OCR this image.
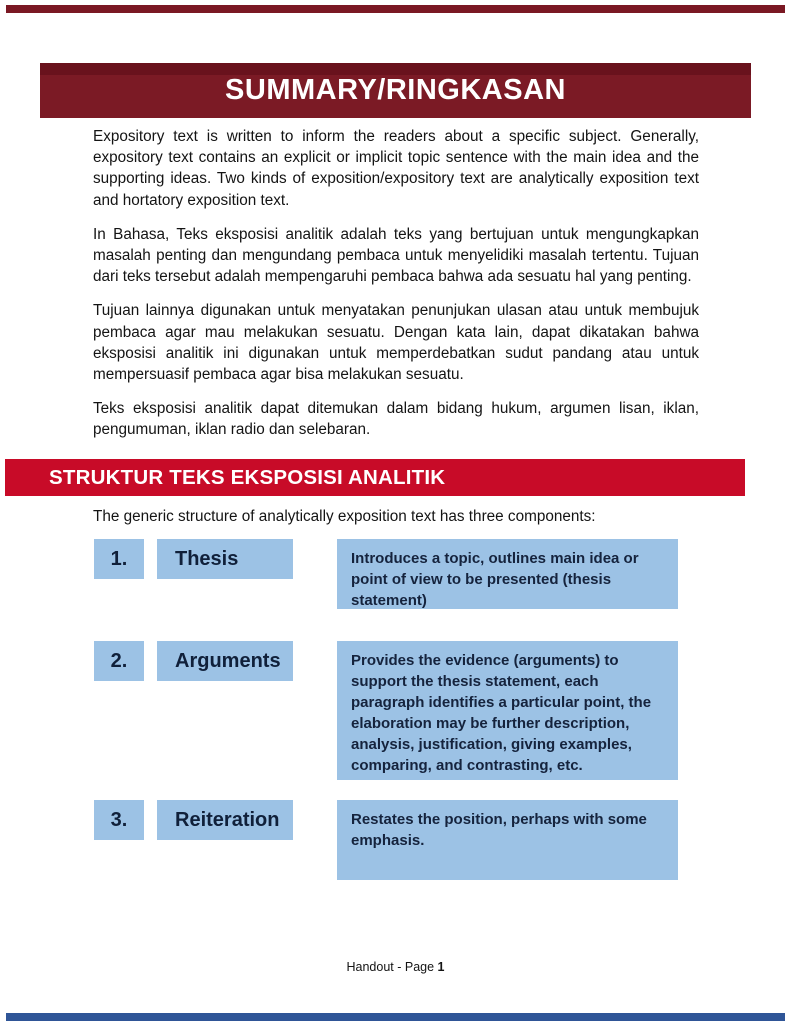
SUMMARY/RINGKASAN

Expository text is written to inform the readers about a specific subject. Generally, expository text contains an explicit or implicit topic sentence with the main idea and the supporting ideas. Two kinds of exposition/expository text are analytically exposition text and hortatory exposition text.

In Bahasa, Teks eksposisi analitik adalah teks yang bertujuan untuk mengungkapkan masalah penting dan mengundang pembaca untuk menyelidiki masalah tertentu. Tujuan dari teks tersebut adalah mempengaruhi pembaca bahwa ada sesuatu hal yang penting.

Tujuan lainnya digunakan untuk menyatakan penunjukan ulasan atau untuk membujuk pembaca agar mau melakukan sesuatu. Dengan kata lain, dapat dikatakan bahwa eksposisi analitik ini digunakan untuk memperdebatkan sudut pandang atau untuk mempersuasif pembaca agar bisa melakukan sesuatu.

Teks eksposisi analitik dapat ditemukan dalam bidang hukum, argumen lisan, iklan, pengumuman, iklan radio dan selebaran.

STRUKTUR TEKS EKSPOSISI ANALITIK
The generic structure of analytically exposition text has three components:
1.	Thesis	Introduces a topic, outlines main idea or point of view to be presented (thesis statement)
2.	Arguments	Provides the evidence (arguments) to support the thesis statement, each paragraph identifies a particular point, the elaboration may be further description, analysis, justification, giving examples, comparing, and contrasting, etc.
3.	Reiteration	Restates the position, perhaps with some emphasis.
Handout - Page 1
